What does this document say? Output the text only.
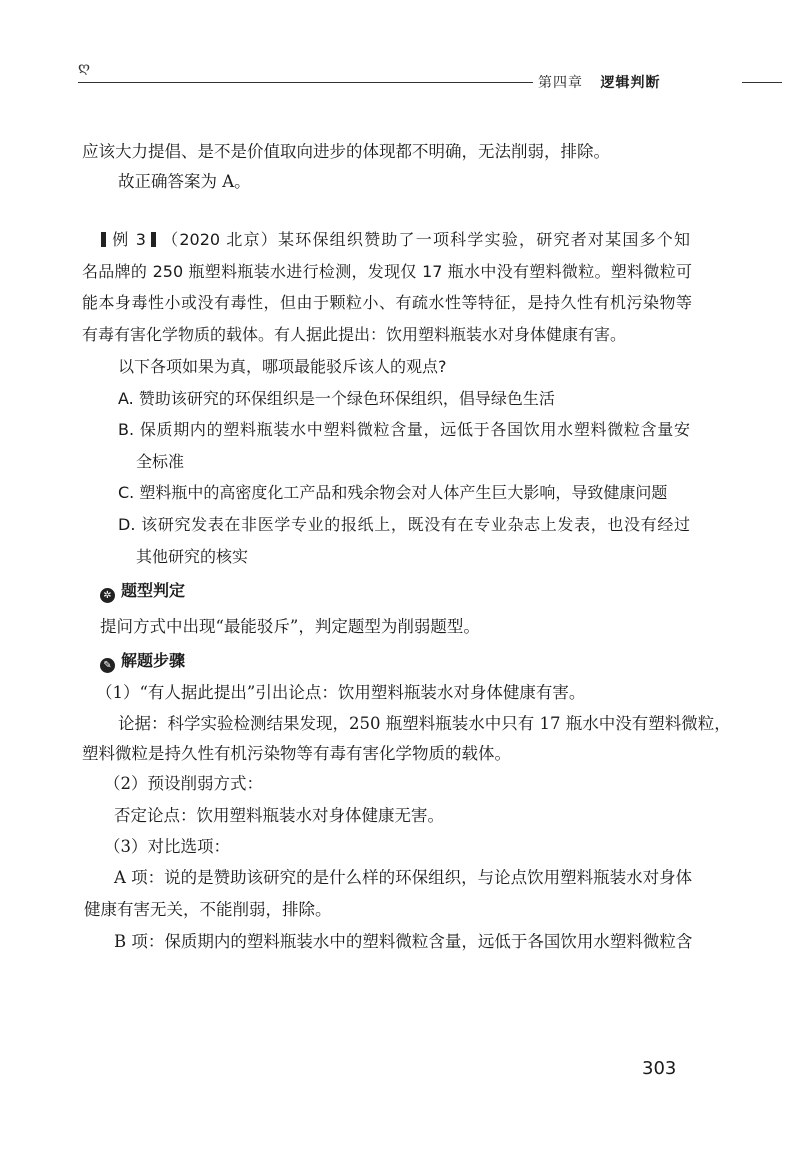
ღ
第四章 逻辑判断
应该大力提倡、是不是价值取向进步的体现都不明确，无法削弱，排除。
故正确答案为 A。
例 3 （2020 北京）某环保组织赞助了一项科学实验，研究者对某国多个知
名品牌的 250 瓶塑料瓶装水进行检测，发现仅 17 瓶水中没有塑料微粒。塑料微粒可
能本身毒性小或没有毒性，但由于颗粒小、有疏水性等特征，是持久性有机污染物等
有毒有害化学物质的载体。有人据此提出：饮用塑料瓶装水对身体健康有害。
以下各项如果为真，哪项最能驳斥该人的观点?
A. 赞助该研究的环保组织是一个绿色环保组织，倡导绿色生活
B. 保质期内的塑料瓶装水中塑料微粒含量，远低于各国饮用水塑料微粒含量安
全标准
C. 塑料瓶中的高密度化工产品和残余物会对人体产生巨大影响，导致健康问题
D. 该研究发表在非医学专业的报纸上，既没有在专业杂志上发表，也没有经过
其他研究的核实
✲ 题型判定
提问方式中出现“最能驳斥”，判定题型为削弱题型。
✎ 解题步骤
（1）“有人据此提出”引出论点：饮用塑料瓶装水对身体健康有害。
论据：科学实验检测结果发现，250 瓶塑料瓶装水中只有 17 瓶水中没有塑料微粒，
塑料微粒是持久性有机污染物等有毒有害化学物质的载体。
（2）预设削弱方式：
否定论点：饮用塑料瓶装水对身体健康无害。
（3）对比选项：
A 项：说的是赞助该研究的是什么样的环保组织，与论点饮用塑料瓶装水对身体
健康有害无关，不能削弱，排除。
B 项：保质期内的塑料瓶装水中的塑料微粒含量，远低于各国饮用水塑料微粒含
303
